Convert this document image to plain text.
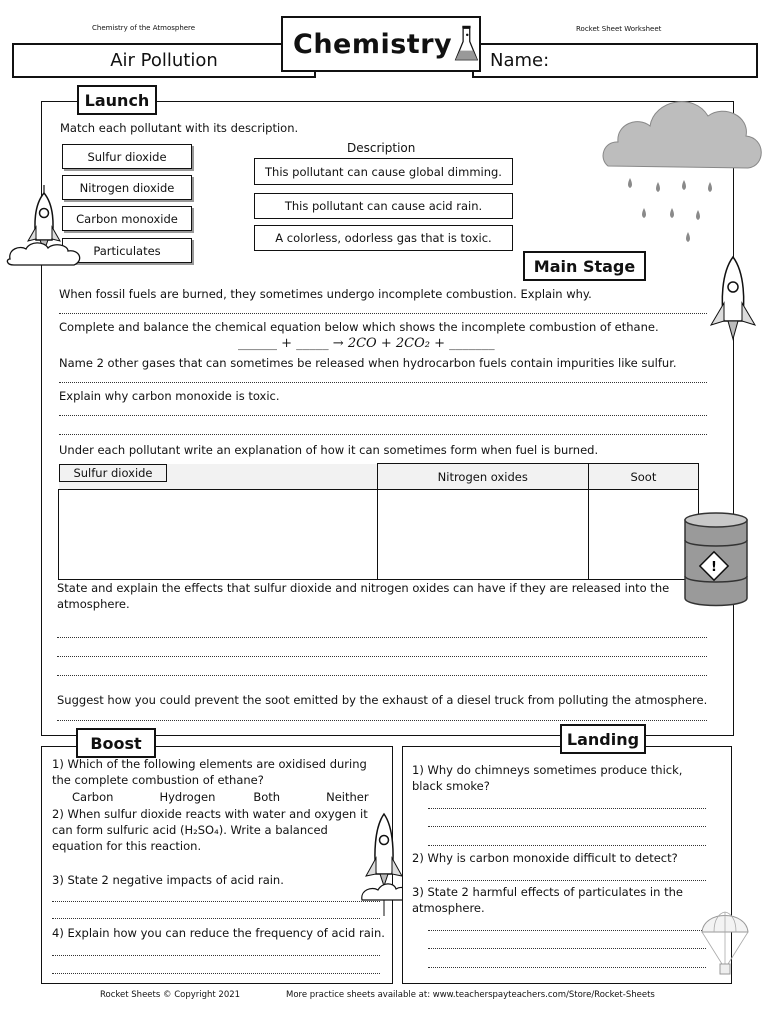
Chemistry of the Atmosphere	Rocket Sheet Worksheet
Air Pollution	Name:
Chemistry
Launch
Match each pollutant with its description.
Sulfur dioxide
Nitrogen dioxide
Carbon monoxide
Particulates
Description
This pollutant can cause global dimming.
This pollutant can cause acid rain.
A colorless, odorless gas that is toxic.
Main Stage
When fossil fuels are burned, they sometimes undergo incomplete combustion. Explain why.
Complete and balance the chemical equation below which shows the incomplete combustion of ethane.
______ + _____ → 2CO + 2CO₂ + _______
Name 2 other gases that can sometimes be released when hydrocarbon fuels contain impurities like sulfur.
Explain why carbon monoxide is toxic.
Under each pollutant write an explanation of how it can sometimes form when fuel is burned.
Sulfur dioxide	Nitrogen oxides	Soot

!
State and explain the effects that sulfur dioxide and nitrogen oxides can have if they are released into the atmosphere.
Suggest how you could prevent the soot emitted by the exhaust of a diesel truck from polluting the atmosphere.
Boost
1) Which of the following elements are oxidised during the complete combustion of ethane?
Carbon	Hydrogen	Both	Neither
2) When sulfur dioxide reacts with water and oxygen it can form sulfuric acid (H₂SO₄). Write a balanced equation for this reaction.
3) State 2 negative impacts of acid rain.
4) Explain how you can reduce the frequency of acid rain.
Landing
1) Why do chimneys sometimes produce thick, black smoke?
2) Why is carbon monoxide difficult to detect?
3) State 2 harmful effects of particulates in the atmosphere.
Rocket Sheets © Copyright 2021	More practice sheets available at: www.teacherspayteachers.com/Store/Rocket-Sheets
